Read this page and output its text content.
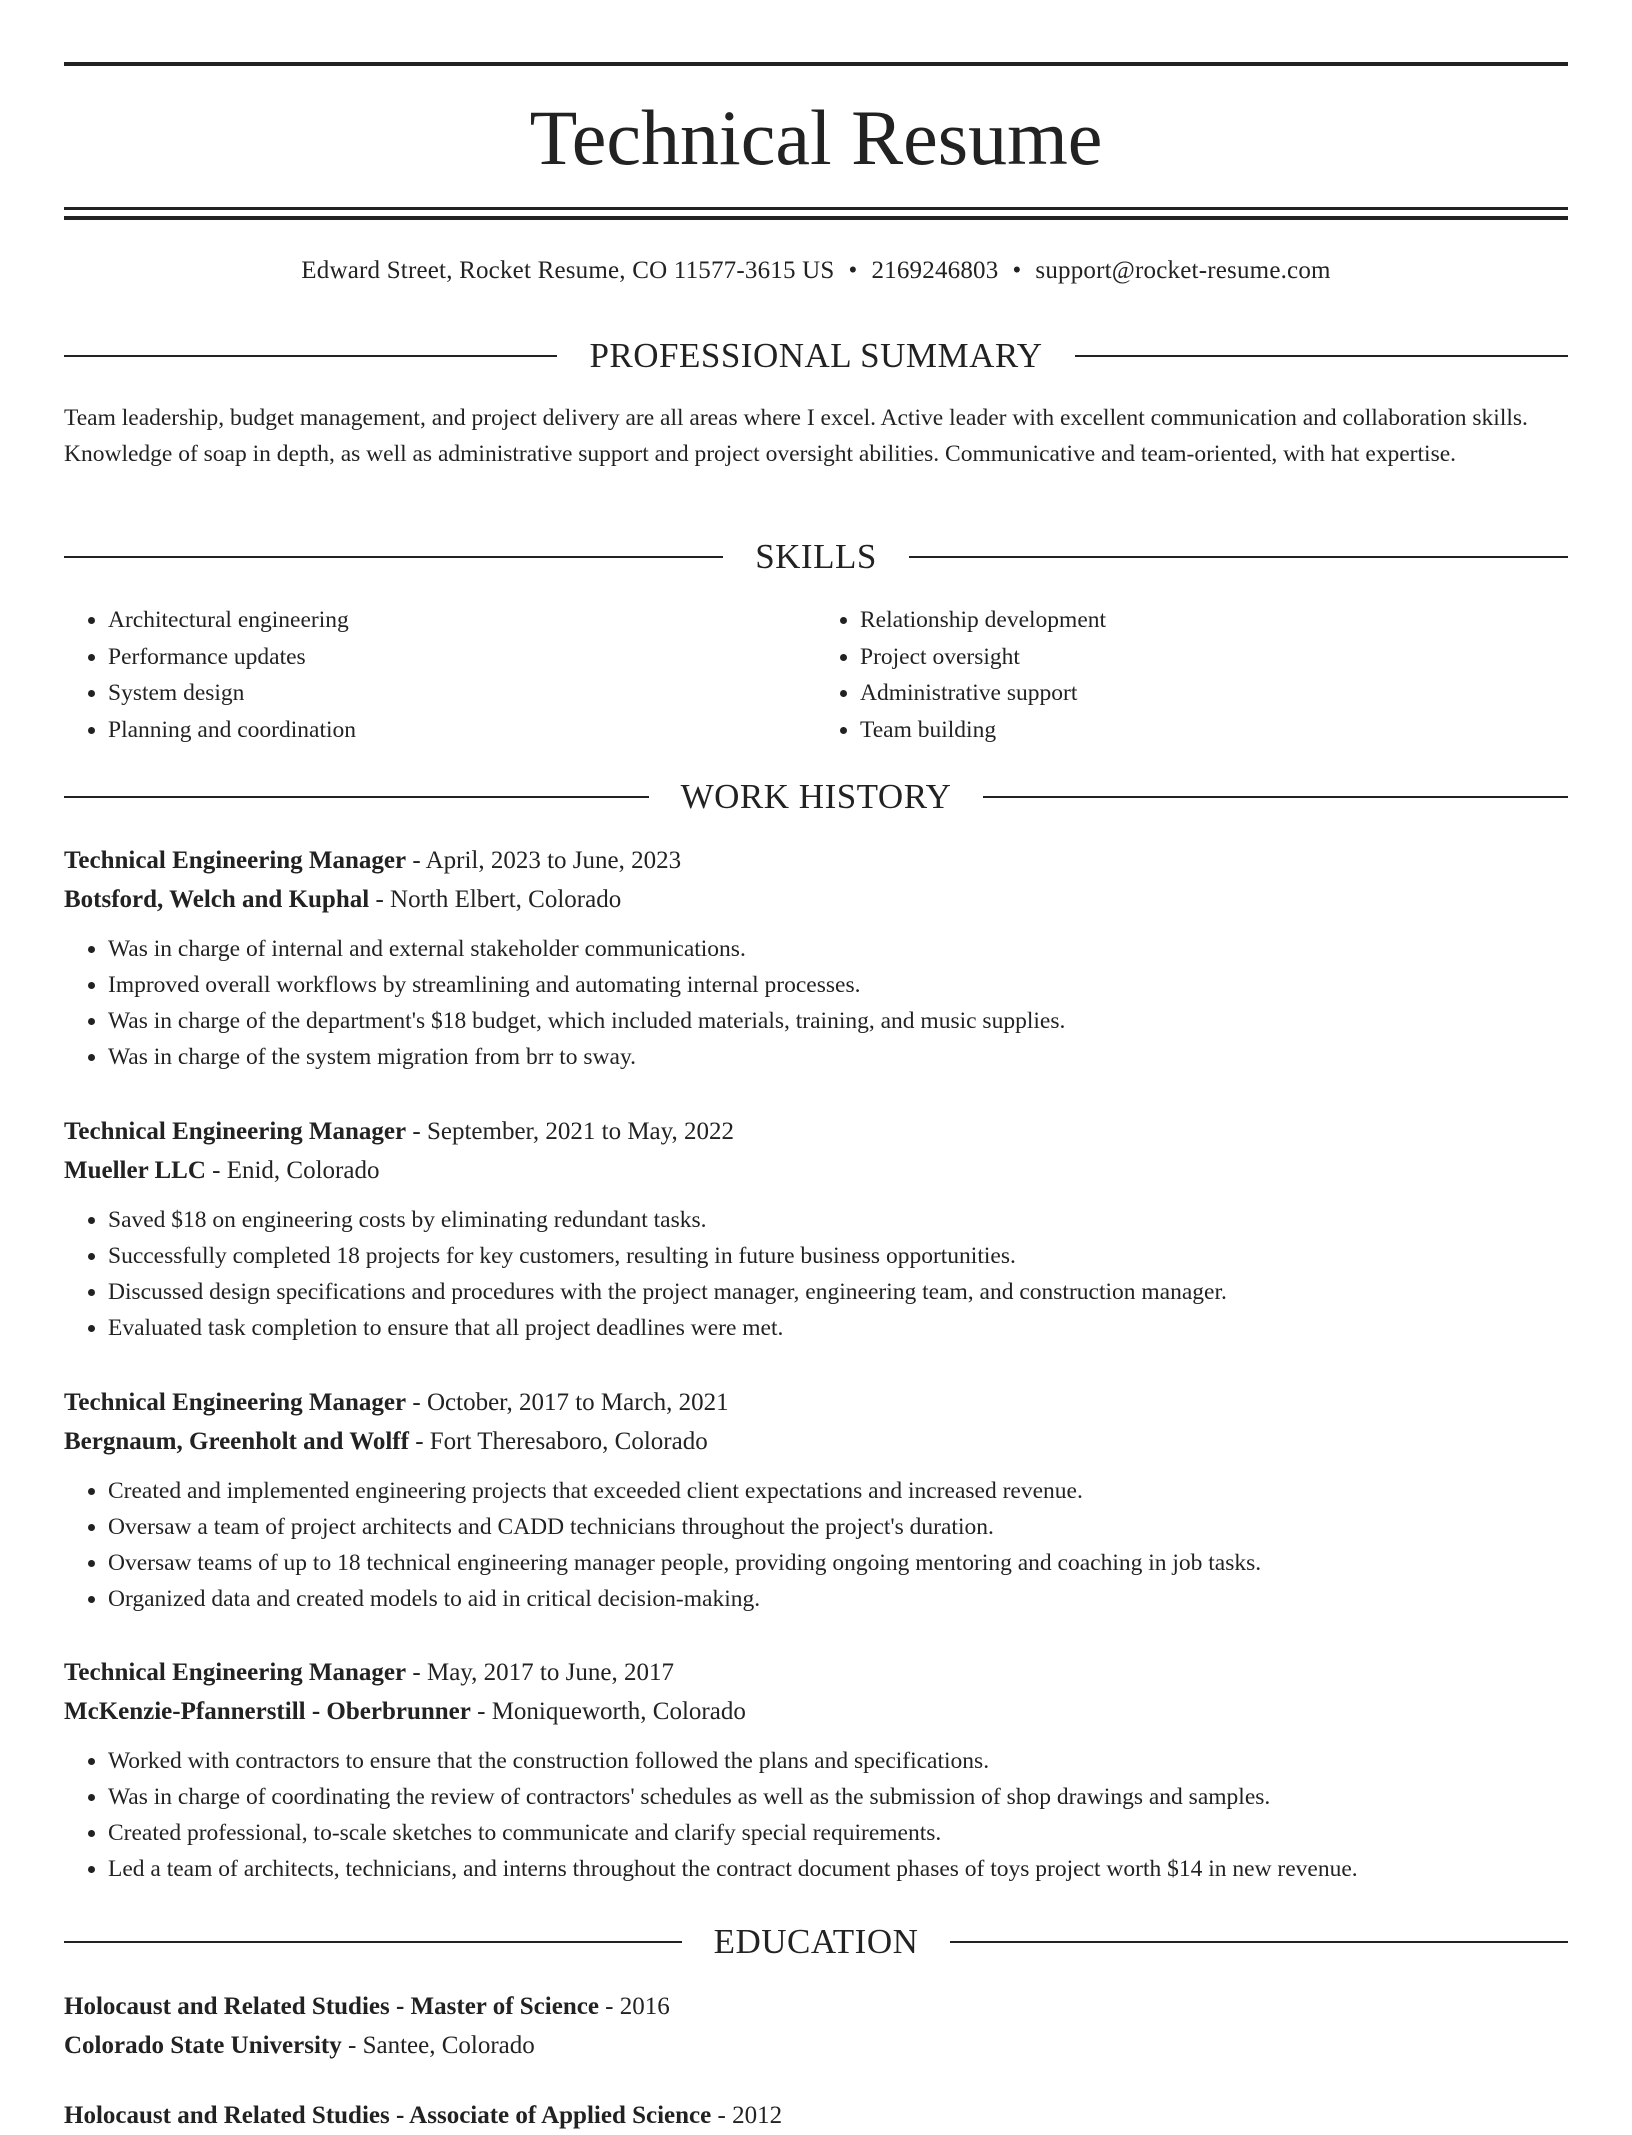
Technical Resume
Edward Street, Rocket Resume, CO 11577-3615 US • 2169246803 • support@rocket-resume.com
PROFESSIONAL SUMMARY

Team leadership, budget management, and project delivery are all areas where I excel. Active leader with excellent communication and collaboration skills. Knowledge of soap in depth, as well as administrative support and project oversight abilities. Communicative and team-oriented, with hat expertise.

SKILLS
• Architectural engineering
• Performance updates
• System design
• Planning and coordination
• Relationship development
• Project oversight
• Administrative support
• Team building
WORK HISTORY
Technical Engineering Manager - April, 2023 to June, 2023
Botsford, Welch and Kuphal - North Elbert, Colorado
• Was in charge of internal and external stakeholder communications.
• Improved overall workflows by streamlining and automating internal processes.
• Was in charge of the department's $18 budget, which included materials, training, and music supplies.
• Was in charge of the system migration from brr to sway.
Technical Engineering Manager - September, 2021 to May, 2022
Mueller LLC - Enid, Colorado
• Saved $18 on engineering costs by eliminating redundant tasks.
• Successfully completed 18 projects for key customers, resulting in future business opportunities.
• Discussed design specifications and procedures with the project manager, engineering team, and construction manager.
• Evaluated task completion to ensure that all project deadlines were met.
Technical Engineering Manager - October, 2017 to March, 2021
Bergnaum, Greenholt and Wolff - Fort Theresaboro, Colorado
• Created and implemented engineering projects that exceeded client expectations and increased revenue.
• Oversaw a team of project architects and CADD technicians throughout the project's duration.
• Oversaw teams of up to 18 technical engineering manager people, providing ongoing mentoring and coaching in job tasks.
• Organized data and created models to aid in critical decision-making.
Technical Engineering Manager - May, 2017 to June, 2017
McKenzie-Pfannerstill - Oberbrunner - Moniqueworth, Colorado
• Worked with contractors to ensure that the construction followed the plans and specifications.
• Was in charge of coordinating the review of contractors' schedules as well as the submission of shop drawings and samples.
• Created professional, to-scale sketches to communicate and clarify special requirements.
• Led a team of architects, technicians, and interns throughout the contract document phases of toys project worth $14 in new revenue.
EDUCATION
Holocaust and Related Studies - Master of Science - 2016
Colorado State University - Santee, Colorado
Holocaust and Related Studies - Associate of Applied Science - 2012
